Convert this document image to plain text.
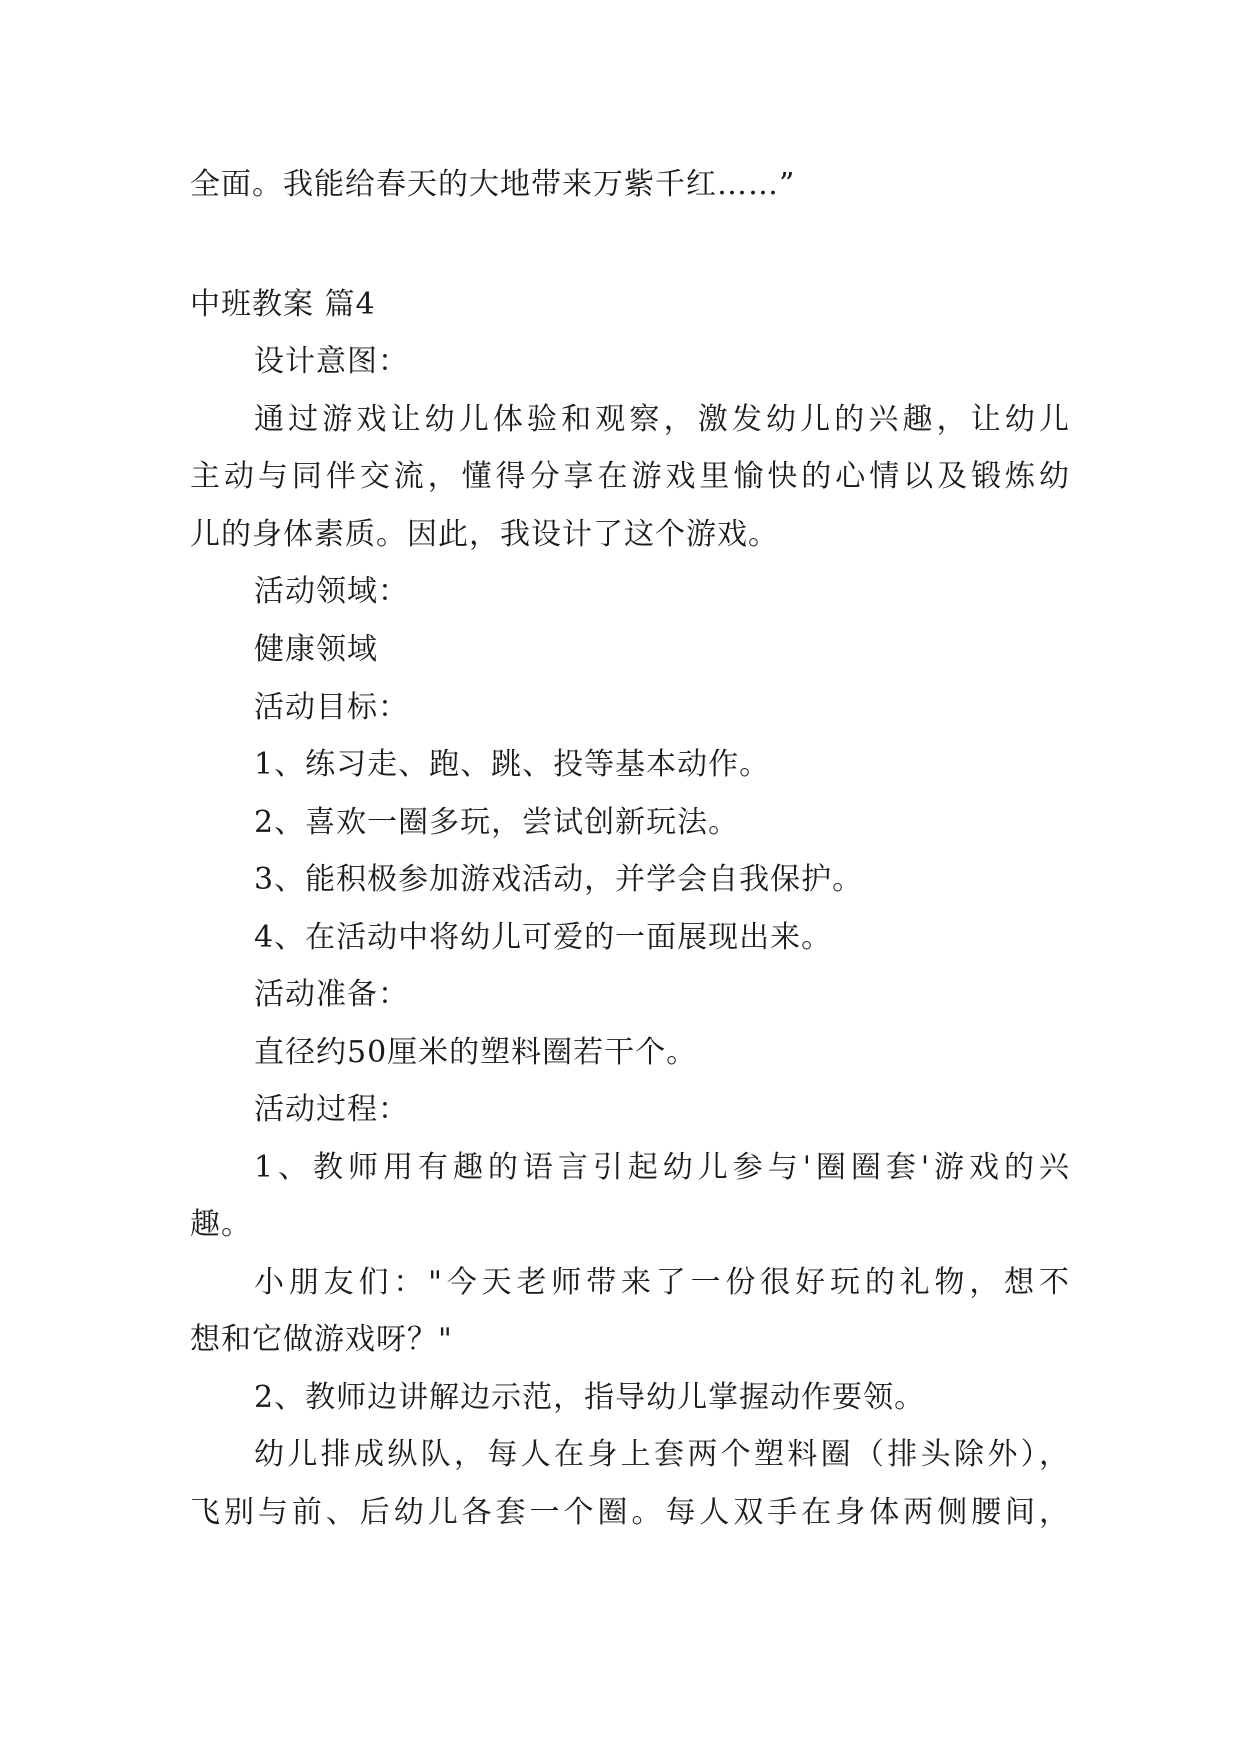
全面。我能给春天的大地带来万紫千红……”
中班教案 篇4
设计意图：
通过游戏让幼儿体验和观察，激发幼儿的兴趣，让幼儿
主动与同伴交流，懂得分享在游戏里愉快的心情以及锻炼幼
儿的身体素质。因此，我设计了这个游戏。
活动领域：
健康领域
活动目标：
1、练习走、跑、跳、投等基本动作。
2、喜欢一圈多玩，尝试创新玩法。
3、能积极参加游戏活动，并学会自我保护。
4、在活动中将幼儿可爱的一面展现出来。
活动准备：
直径约50厘米的塑料圈若干个。
活动过程：
1、教师用有趣的语言引起幼儿参与'圈圈套'游戏的兴
趣。
小朋友们："今天老师带来了一份很好玩的礼物，想不
想和它做游戏呀？"
2、教师边讲解边示范，指导幼儿掌握动作要领。
幼儿排成纵队，每人在身上套两个塑料圈（排头除外），
飞别与前、后幼儿各套一个圈。每人双手在身体两侧腰间，
